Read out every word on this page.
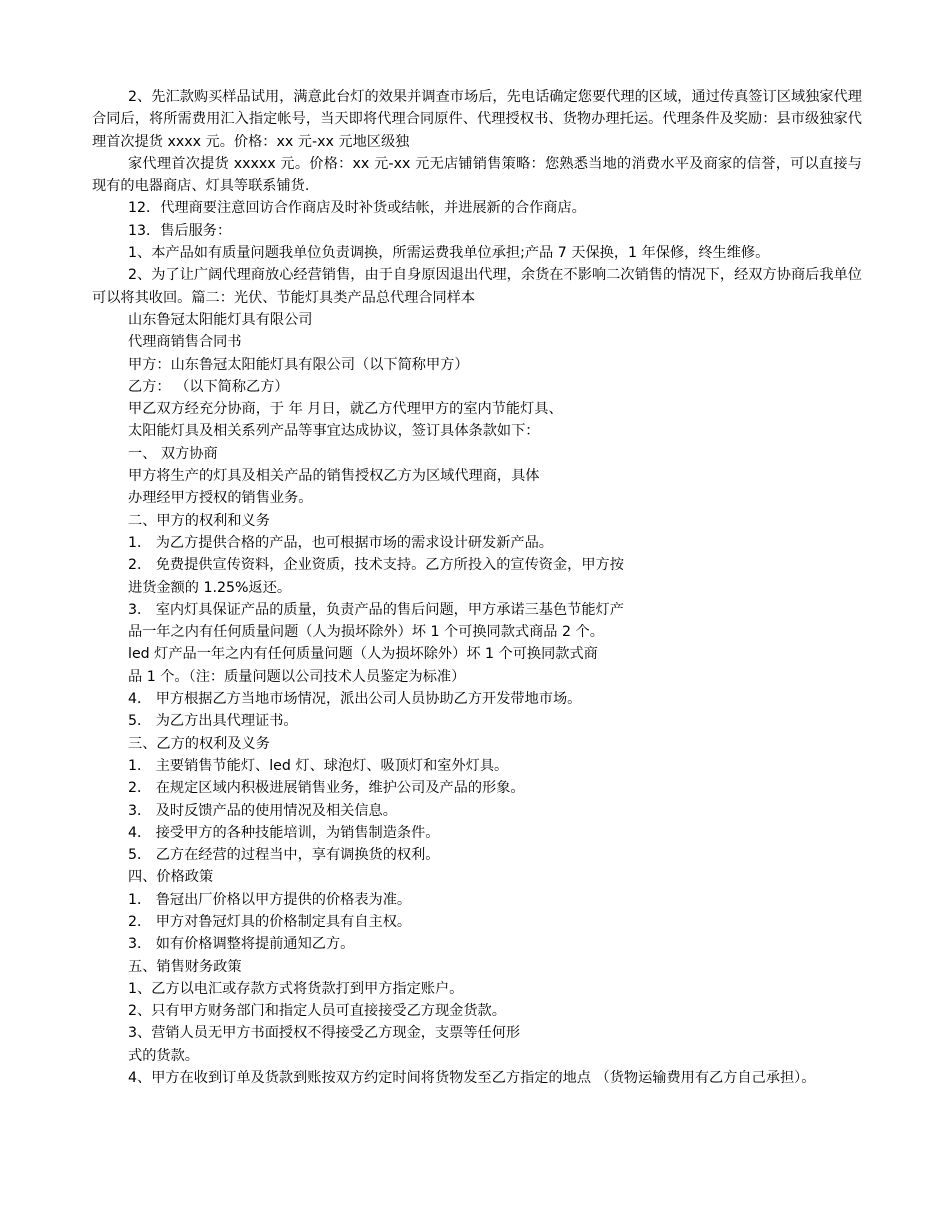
2、先汇款购买样品试用，满意此台灯的效果并调查市场后，先电话确定您要代理的区域，通过传真签订区域独家代理合同后，将所需费用汇入指定帐号，当天即将代理合同原件、代理授权书、货物办理托运。代理条件及奖励：县市级独家代理首次提货 xxxx 元。价格：xx 元-xx 元地区级独

家代理首次提货 xxxxx 元。价格：xx 元-xx 元无店铺销售策略：您熟悉当地的消费水平及商家的信誉，可以直接与现有的电器商店、灯具等联系铺货.

12．代理商要注意回访合作商店及时补货或结帐，并进展新的合作商店。

13．售后服务：

1、本产品如有质量问题我单位负责调换，所需运费我单位承担;产品 7 天保换，1 年保修，终生维修。

2、为了让广阔代理商放心经营销售，由于自身原因退出代理，余货在不影响二次销售的情况下，经双方协商后我单位可以将其收回。篇二：光伏、节能灯具类产品总代理合同样本

山东鲁冠太阳能灯具有限公司

代理商销售合同书

甲方：山东鲁冠太阳能灯具有限公司（以下简称甲方）

乙方： （以下简称乙方）

甲乙双方经充分协商，于 年 月日，就乙方代理甲方的室内节能灯具、

太阳能灯具及相关系列产品等事宜达成协议，签订具体条款如下：

一、 双方协商

甲方将生产的灯具及相关产品的销售授权乙方为区域代理商，具体

办理经甲方授权的销售业务。

二、甲方的权利和义务

1． 为乙方提供合格的产品，也可根据市场的需求设计研发新产品。

2． 免费提供宣传资料，企业资质，技术支持。乙方所投入的宣传资金，甲方按

进货金额的 1.25%返还。

3． 室内灯具保证产品的质量，负责产品的售后问题，甲方承诺三基色节能灯产

品一年之内有任何质量问题（人为损坏除外）坏 1 个可换同款式商品 2 个。

led 灯产品一年之内有任何质量问题（人为损坏除外）坏 1 个可换同款式商

品 1 个。（注：质量问题以公司技术人员鉴定为标准）

4． 甲方根据乙方当地市场情况，派出公司人员协助乙方开发带地市场。

5． 为乙方出具代理证书。

三、乙方的权利及义务

1． 主要销售节能灯、led 灯、球泡灯、吸顶灯和室外灯具。

2． 在规定区域内积极进展销售业务，维护公司及产品的形象。

3． 及时反馈产品的使用情况及相关信息。

4． 接受甲方的各种技能培训，为销售制造条件。

5． 乙方在经营的过程当中，享有调换货的权利。

四、价格政策

1． 鲁冠出厂价格以甲方提供的价格表为准。

2． 甲方对鲁冠灯具的价格制定具有自主权。

3． 如有价格调整将提前通知乙方。

五、销售财务政策

1、乙方以电汇或存款方式将货款打到甲方指定账户。

2、只有甲方财务部门和指定人员可直接接受乙方现金货款。

3、营销人员无甲方书面授权不得接受乙方现金，支票等任何形

式的货款。

4、甲方在收到订单及货款到账按双方约定时间将货物发至乙方指定的地点 （货物运输费用有乙方自己承担）。
